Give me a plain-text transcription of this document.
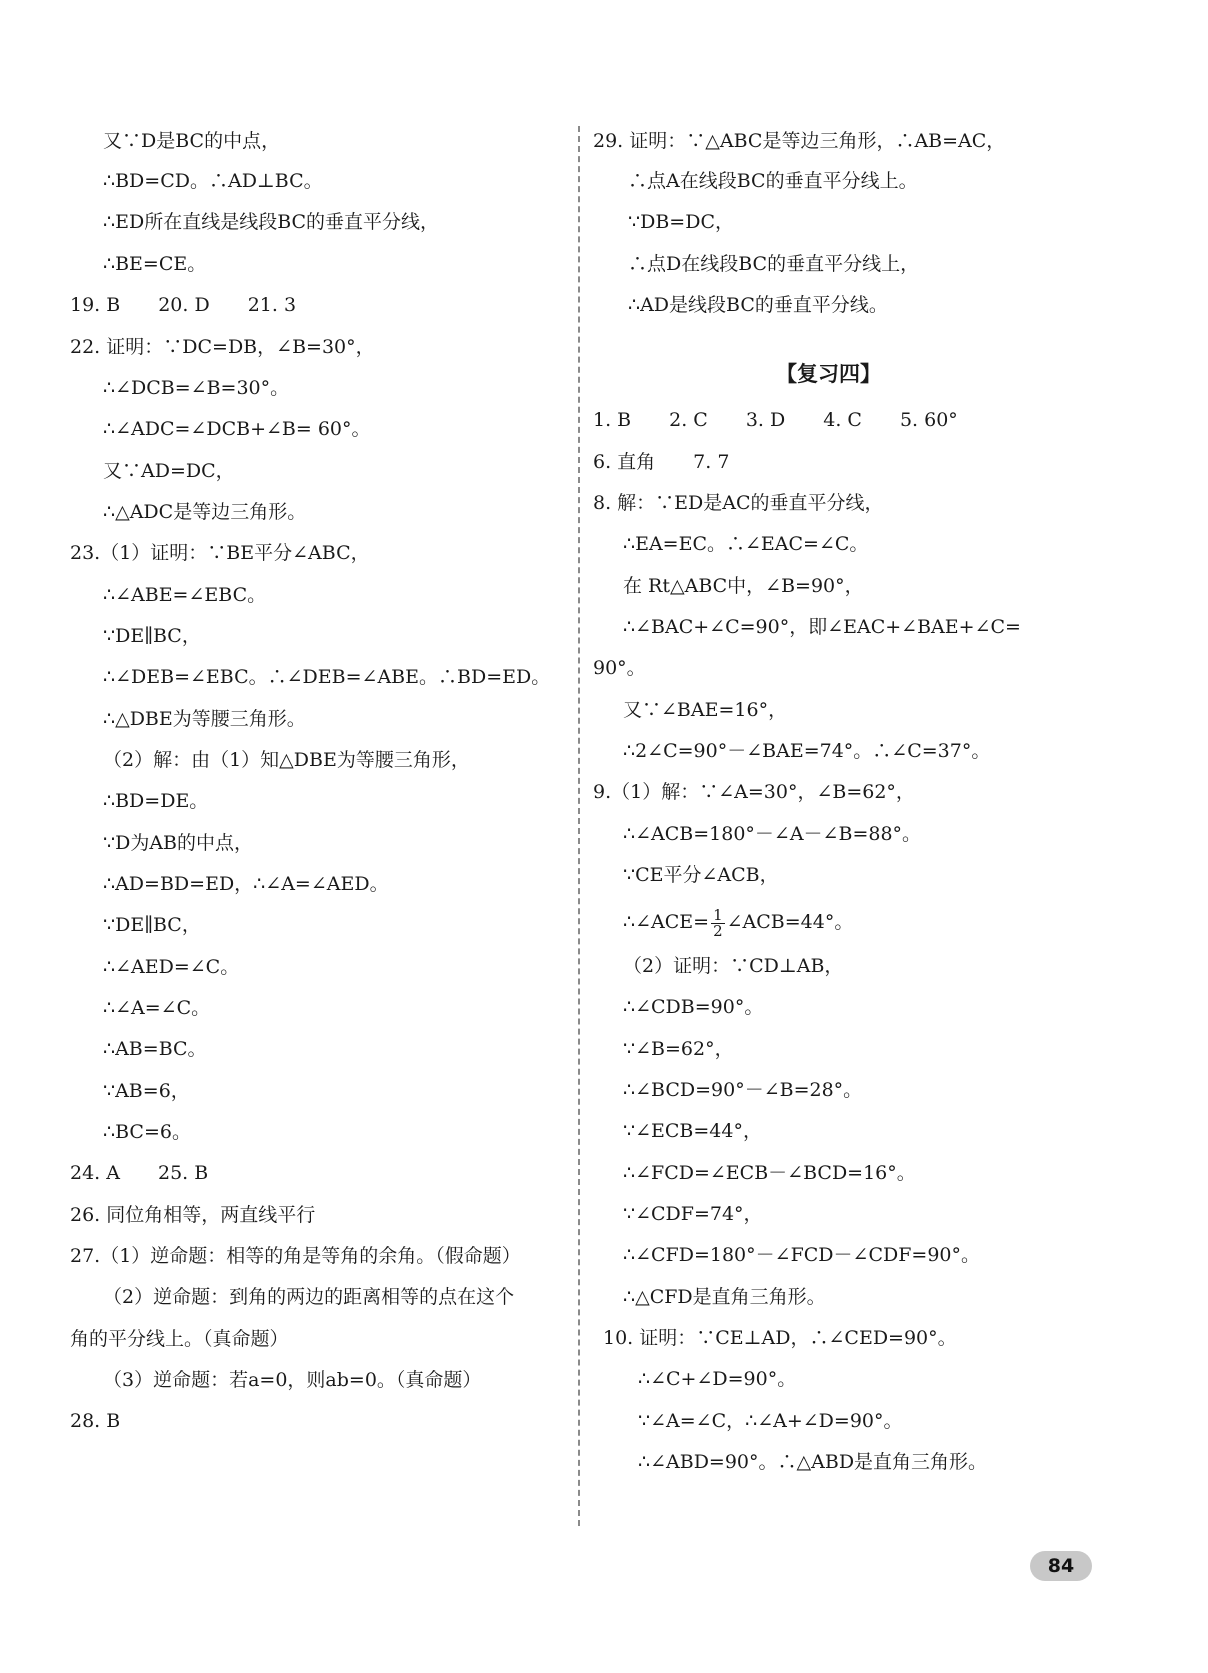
又∵D是BC的中点，
∴BD=CD。∴AD⊥BC。
∴ED所在直线是线段BC的垂直平分线，
∴BE=CE。
19. B　　20. D　　21. 3
22. 证明：∵DC=DB，∠B=30°，
∴∠DCB=∠B=30°。
∴∠ADC=∠DCB+∠B= 60°。
又∵AD=DC，
∴△ADC是等边三角形。
23.（1）证明：∵BE平分∠ABC，
∴∠ABE=∠EBC。
∵DE∥BC，
∴∠DEB=∠EBC。∴∠DEB=∠ABE。∴BD=ED。
∴△DBE为等腰三角形。
（2）解：由（1）知△DBE为等腰三角形，
∴BD=DE。
∵D为AB的中点，
∴AD=BD=ED，∴∠A=∠AED。
∵DE∥BC，
∴∠AED=∠C。
∴∠A=∠C。
∴AB=BC。
∵AB=6，
∴BC=6。
24. A　　25. B
26. 同位角相等，两直线平行
27.（1）逆命题：相等的角是等角的余角。（假命题）
（2）逆命题：到角的两边的距离相等的点在这个
角的平分线上。（真命题）
（3）逆命题：若a=0，则ab=0。（真命题）
28. B
29. 证明：∵△ABC是等边三角形，∴AB=AC，
∴点A在线段BC的垂直平分线上。
∵DB=DC，
∴点D在线段BC的垂直平分线上，
∴AD是线段BC的垂直平分线。
【复习四】
1. B　　2. C　　3. D　　4. C　　5. 60°
6. 直角　　7. 7
8. 解：∵ED是AC的垂直平分线，
∴EA=EC。∴∠EAC=∠C。
在 Rt△ABC中，∠B=90°，
∴∠BAC+∠C=90°，即∠EAC+∠BAE+∠C=
90°。
又∵∠BAE=16°，
∴2∠C=90°－∠BAE=74°。∴∠C=37°。
9.（1）解：∵∠A=30°，∠B=62°，
∴∠ACB=180°－∠A－∠B=88°。
∵CE平分∠ACB，
∴∠ACE= $\frac{1}{2}$ ∠ACB=44°。
（2）证明：∵CD⊥AB，
∴∠CDB=90°。
∵∠B=62°，
∴∠BCD=90°－∠B=28°。
∵∠ECB=44°，
∴∠FCD=∠ECB－∠BCD=16°。
∵∠CDF=74°，
∴∠CFD=180°－∠FCD－∠CDF=90°。
∴△CFD是直角三角形。
10. 证明：∵CE⊥AD，∴∠CED=90°。
∴∠C+∠D=90°。
∵∠A=∠C，∴∠A+∠D=90°。
∴∠ABD=90°。∴△ABD是直角三角形。
84
